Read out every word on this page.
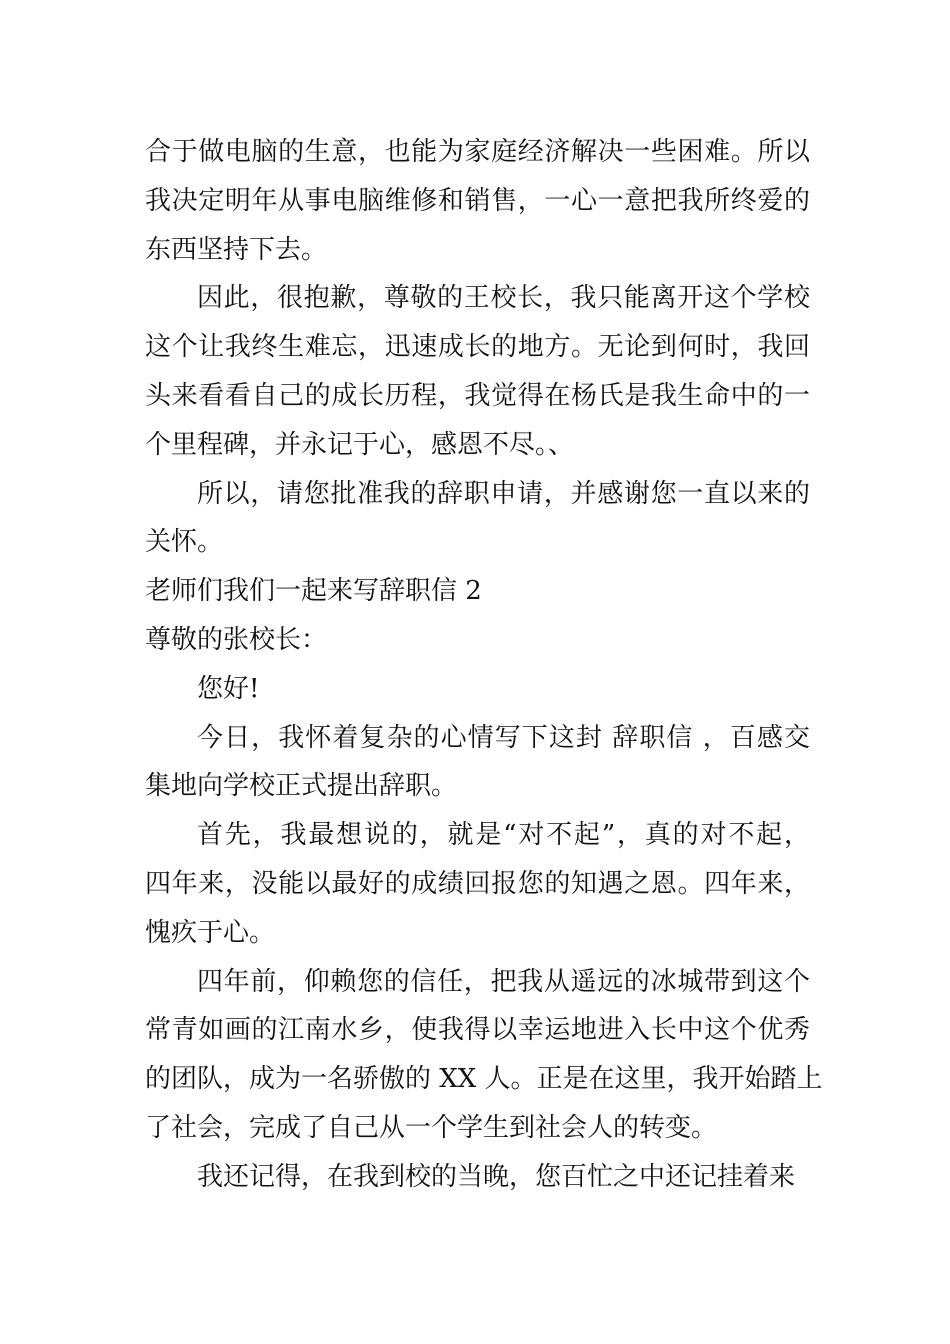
合于做电脑的生意，也能为家庭经济解决一些困难。所以
我决定明年从事电脑维修和销售，一心一意把我所终爱的
东西坚持下去。
因此，很抱歉，尊敬的王校长，我只能离开这个学校
这个让我终生难忘，迅速成长的地方。无论到何时，我回
头来看看自己的成长历程，我觉得在杨氏是我生命中的一
个里程碑，并永记于心，感恩不尽。、
所以，请您批准我的辞职申请，并感谢您一直以来的
关怀。
老师们我们一起来写辞职信 2
尊敬的张校长：
您好!
今日，我怀着复杂的心情写下这封 辞职信 ，百感交
集地向学校正式提出辞职。
首先，我最想说的，就是“对不起”，真的对不起，
四年来，没能以最好的成绩回报您的知遇之恩。四年来，
愧疚于心。
四年前，仰赖您的信任，把我从遥远的冰城带到这个
常青如画的江南水乡，使我得以幸运地进入长中这个优秀
的团队，成为一名骄傲的 XX 人。正是在这里，我开始踏上
了社会，完成了自己从一个学生到社会人的转变。
我还记得，在我到校的当晚，您百忙之中还记挂着来
